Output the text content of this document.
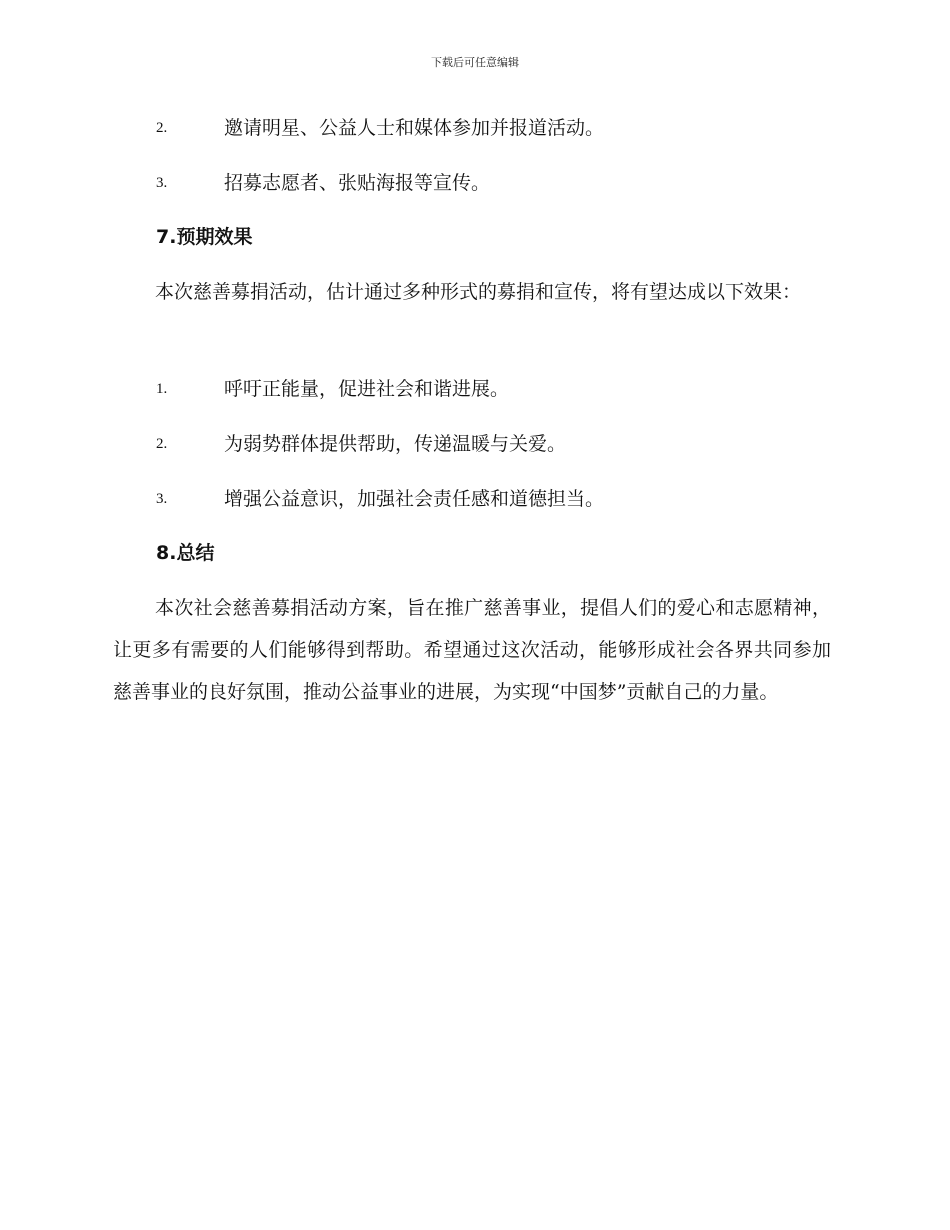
下载后可任意编辑
2.	邀请明星、公益人士和媒体参加并报道活动。
3.	招募志愿者、张贴海报等宣传。
7.预期效果

本次慈善募捐活动，估计通过多种形式的募捐和宣传，将有望达成以下效果：

1.	呼吁正能量，促进社会和谐进展。
2.	为弱势群体提供帮助，传递温暖与关爱。
3.	增强公益意识，加强社会责任感和道德担当。
8.总结

本次社会慈善募捐活动方案，旨在推广慈善事业，提倡人们的爱心和志愿精神，让更多有需要的人们能够得到帮助。希望通过这次活动，能够形成社会各界共同参加慈善事业的良好氛围，推动公益事业的进展，为实现“中国梦”贡献自己的力量。
